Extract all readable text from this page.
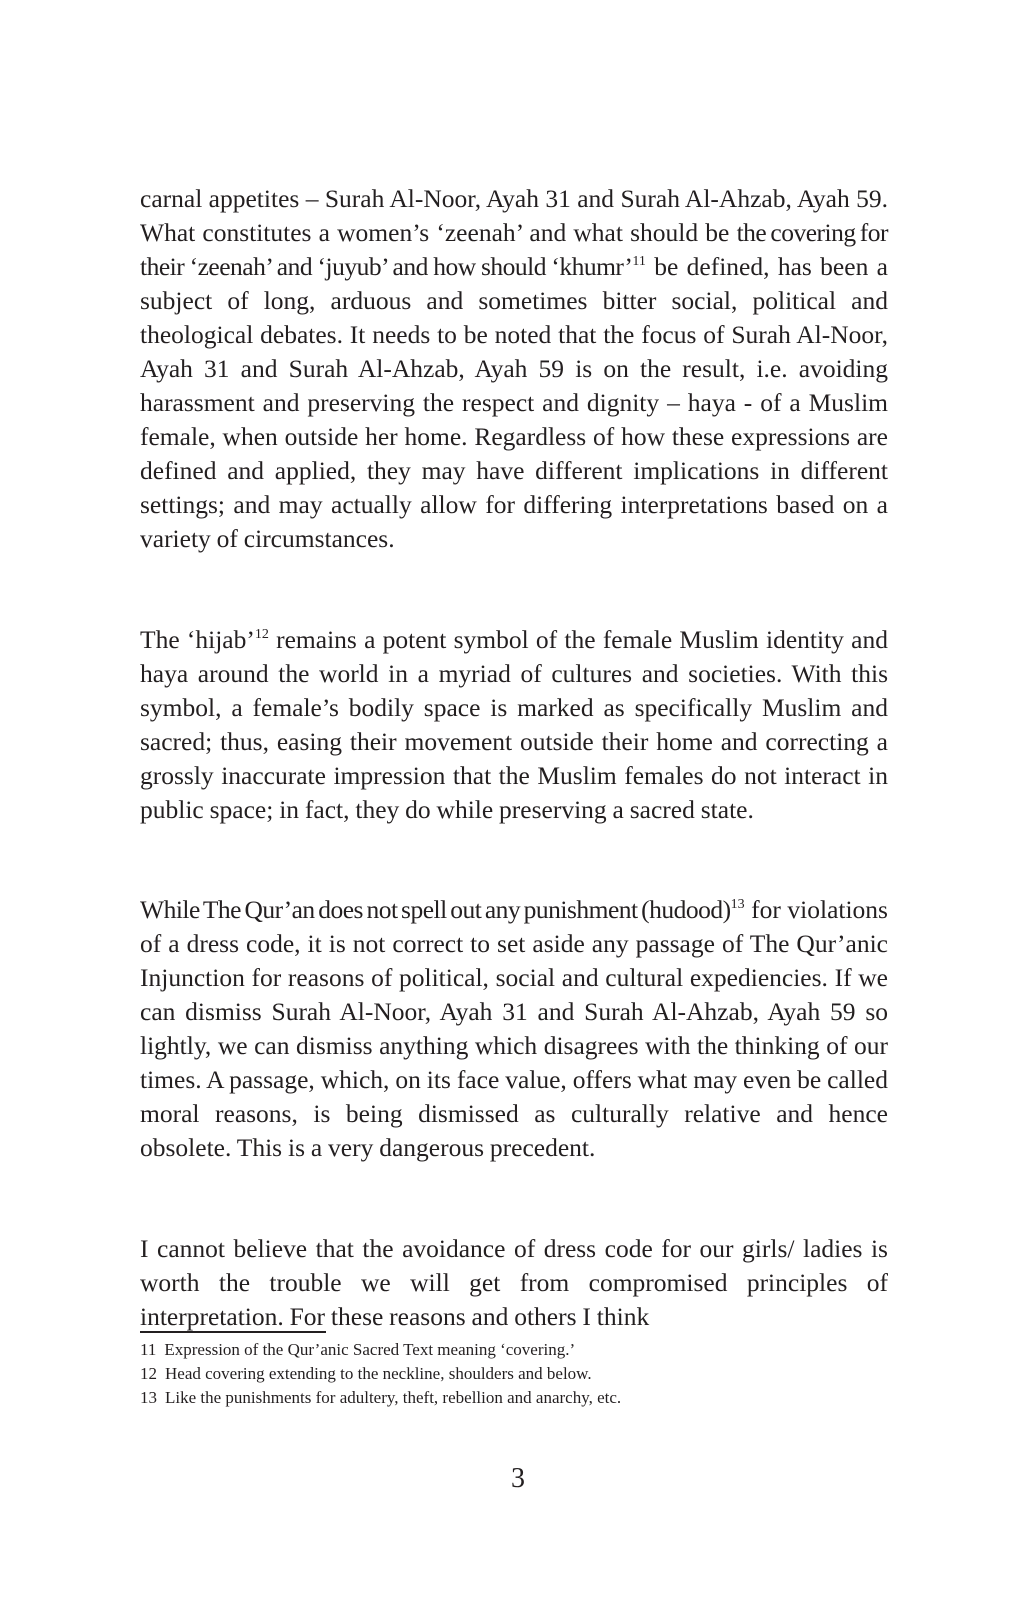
carnal appetites – Surah Al-Noor, Ayah 31 and Surah Al-Ahzab, Ayah 59. What constitutes a women’s ‘zeenah’ and what should be the covering for their ‘zeenah’ and ‘juyub’ and how should ‘khumr’$^{11}$ be defined, has been a subject of long, arduous and sometimes bitter social, political and theological debates. It needs to be noted that the focus of Surah Al-Noor, Ayah 31 and Surah Al-Ahzab, Ayah 59 is on the result, i.e. avoiding harassment and preserving the respect and dignity – haya - of a Muslim female, when outside her home. Regardless of how these expressions are defined and applied, they may have different implications in different settings; and may actually allow for differing interpretations based on a variety of circumstances.

The ‘hijab’$^{12}$ remains a potent symbol of the female Muslim identity and haya around the world in a myriad of cultures and societies. With this symbol, a female’s bodily space is marked as specifically Muslim and sacred; thus, easing their movement outside their home and correcting a grossly inaccurate impression that the Muslim females do not interact in public space; in fact, they do while preserving a sacred state.

While The Qur’an does not spell out any punishment (hudood)$^{13}$ for violations of a dress code, it is not correct to set aside any passage of The Qur’anic Injunction for reasons of political, social and cultural expediencies. If we can dismiss Surah Al-Noor, Ayah 31 and Surah Al-Ahzab, Ayah 59 so lightly, we can dismiss anything which disagrees with the thinking of our times. A passage, which, on its face value, offers what may even be called moral reasons, is being dismissed as culturally relative and hence obsolete. This is a very dangerous precedent.

I cannot believe that the avoidance of dress code for our girls/ ladies is worth the trouble we will get from compromised principles of interpretation. For these reasons and others I think

11 Expression of the Qur’anic Sacred Text meaning ‘covering.’
12 Head covering extending to the neckline, shoulders and below.
13 Like the punishments for adultery, theft, rebellion and anarchy, etc.
3
